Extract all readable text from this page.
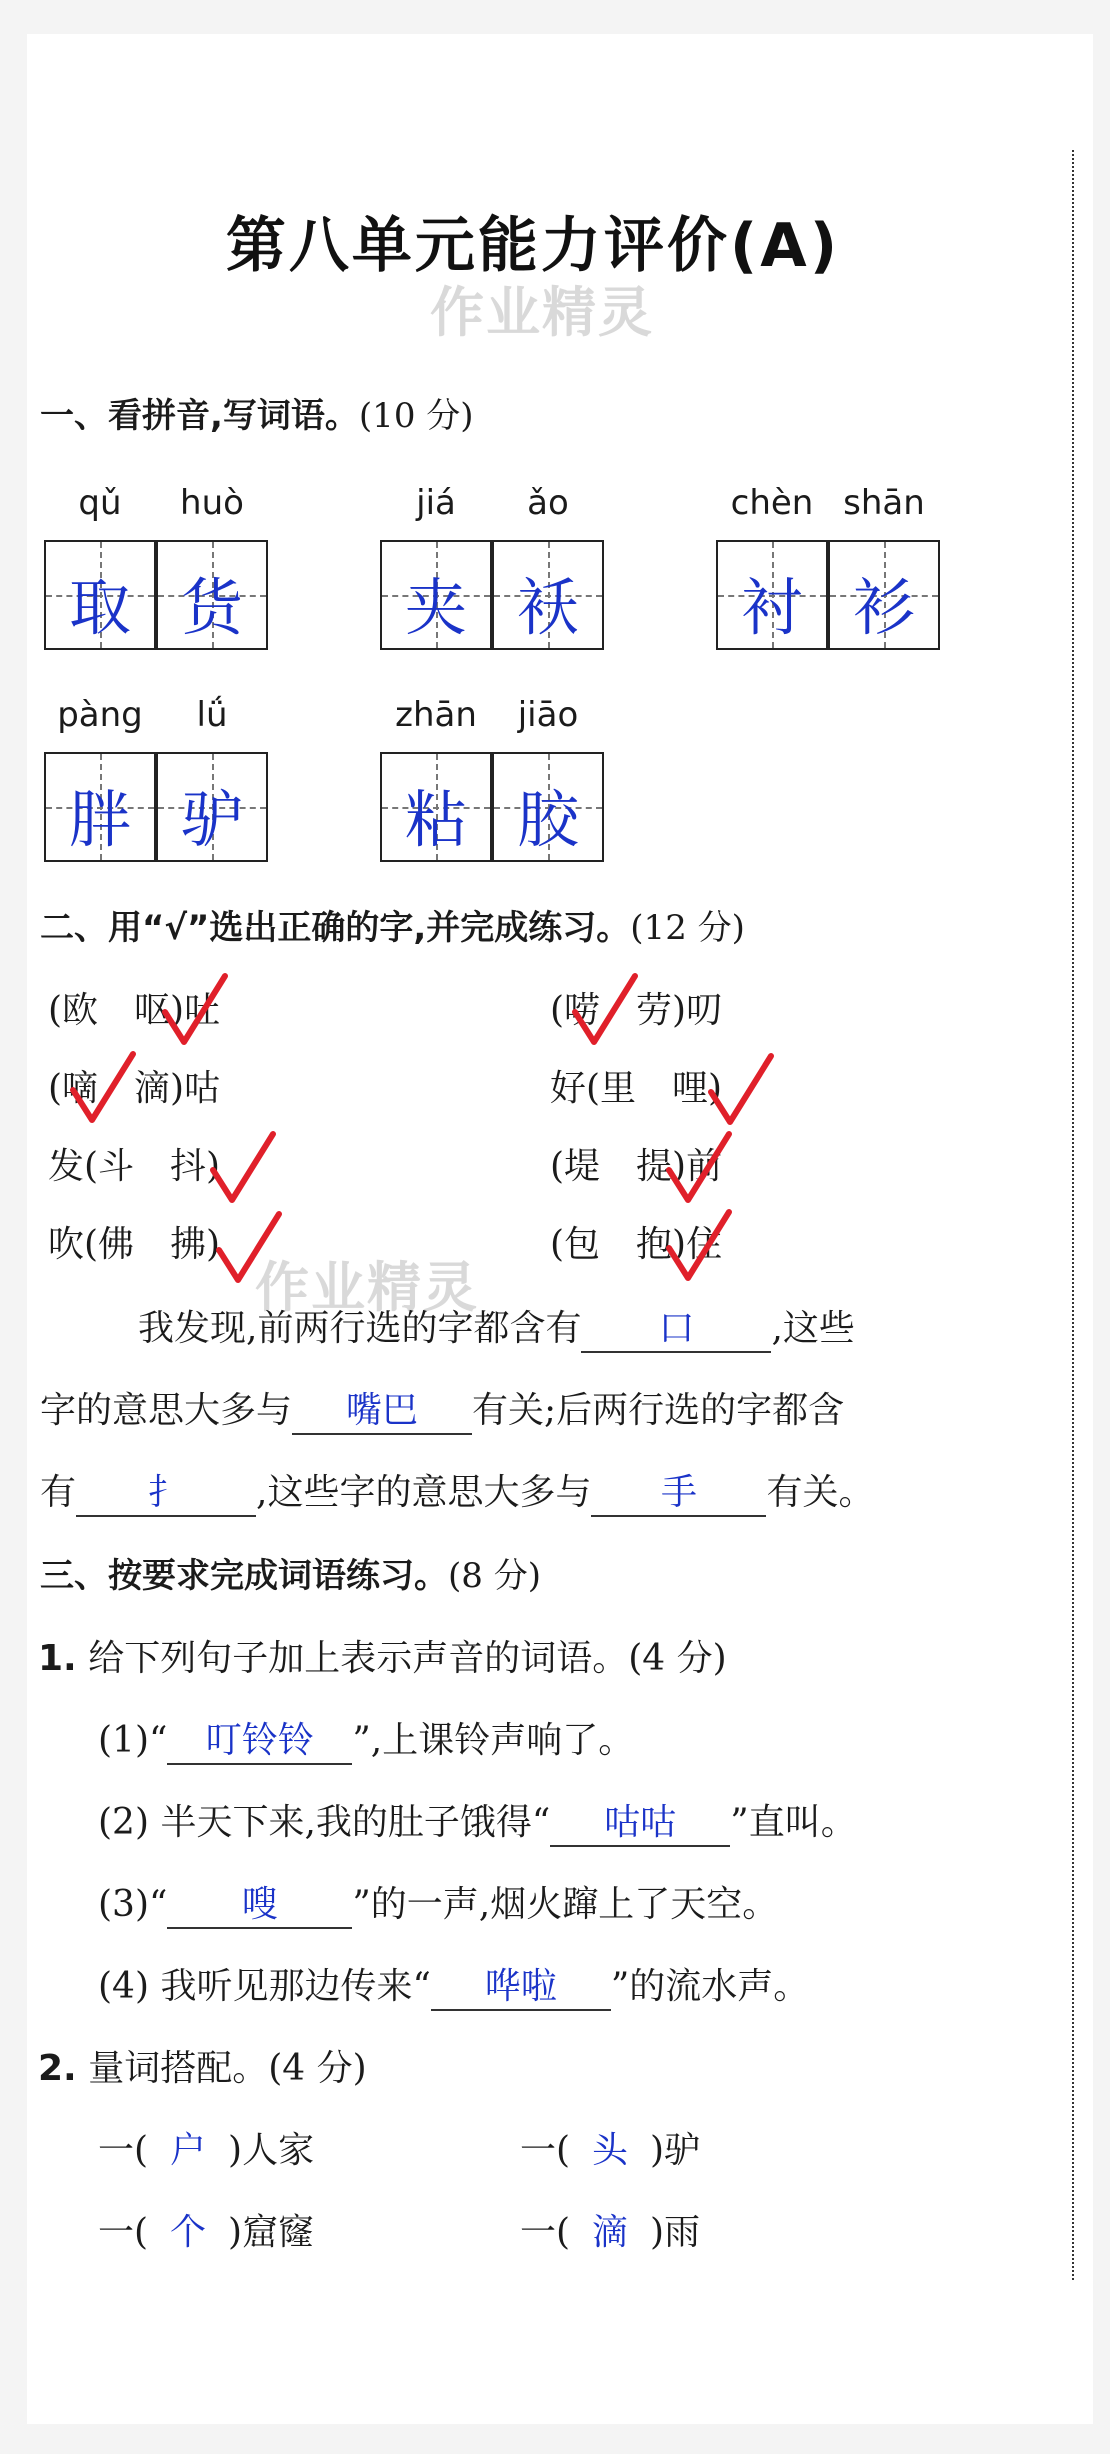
第八单元能力评价(A)
作业精灵
作业精灵
一、看拼音,写词语。(10 分)
qǔ	huò
取 货
jiá	ǎo
夹 袄
chèn shān
衬 衫
pàng	lǘ
胖 驴
zhān	jiāo
粘 胶
二、用“√”选出正确的字,并完成练习。(12 分)
(欧　呕)吐
(嘀　滴)咕
发(斗　抖)
吹(佛　拂)
(唠　劳)叨
好(里　哩)
(堤　提)前
(包　抱)住
我发现,前两行选的字都含有 口 ,这些
字的意思大多与 嘴巴 有关;后两行选的字都含
有 扌 ,这些字的意思大多与 手 有关。
三、按要求完成词语练习。(8 分)
1. 给下列句子加上表示声音的词语。(4 分)
(1)“ 叮铃铃 ”,上课铃声响了。
(2) 半天下来,我的肚子饿得“ 咕咕 ”直叫。
(3)“ 嗖 ”的一声,烟火蹿上了天空。
(4) 我听见那边传来“ 哗啦 ”的流水声。
2. 量词搭配。(4 分)
一( 户 )人家	一( 头 )驴
一( 个 )窟窿	一( 滴 )雨
